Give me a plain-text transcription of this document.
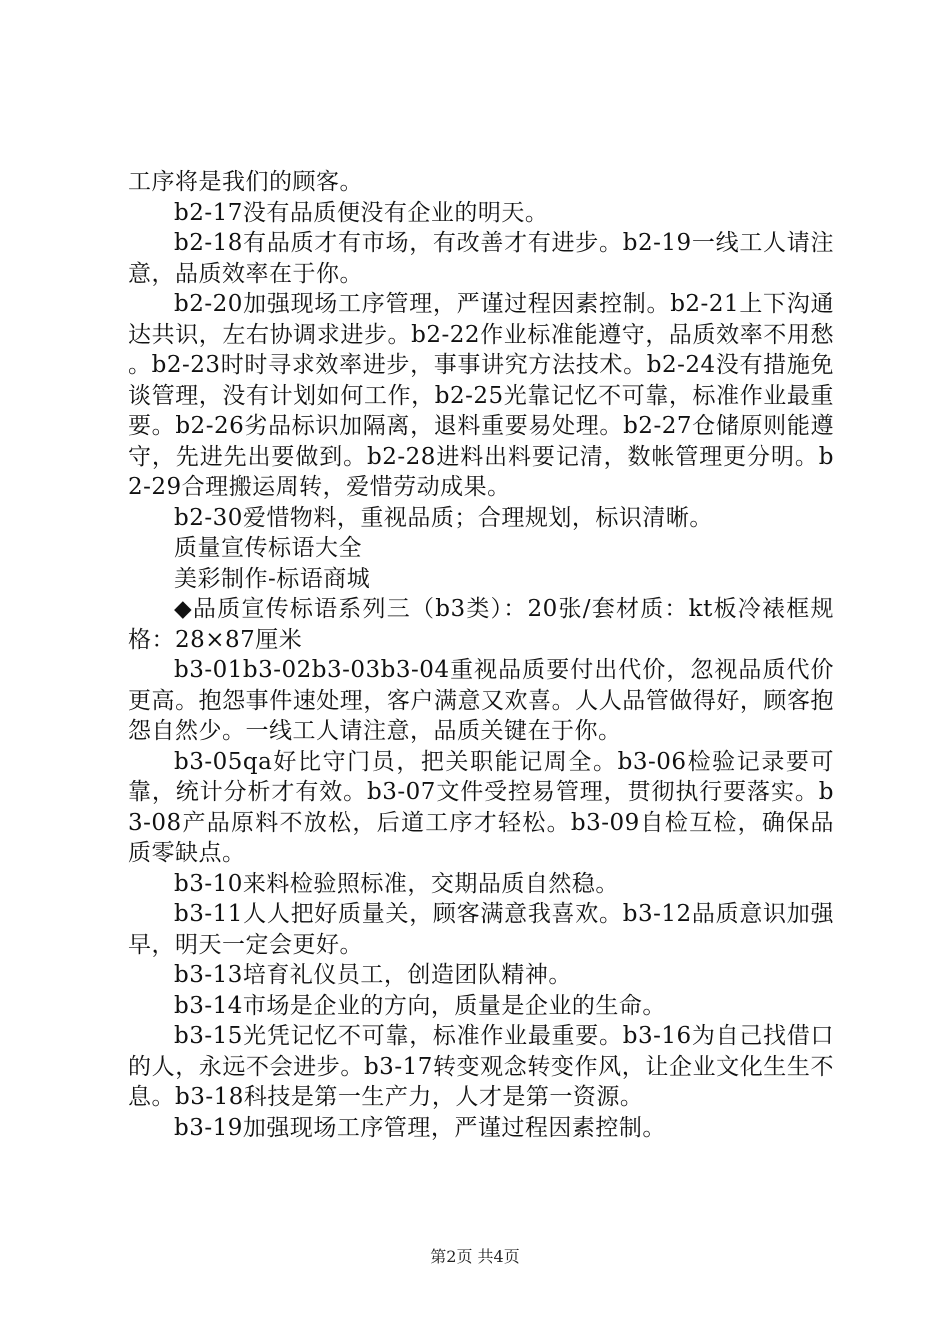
工序将是我们的顾客。

b2-17没有品质便没有企业的明天。

b2-18有品质才有市场，有改善才有进步。b2-19一线工人请注意，品质效率在于你。

b2-20加强现场工序管理，严谨过程因素控制。b2-21上下沟通达共识，左右协调求进步。b2-22作业标准能遵守，品质效率不用愁。b2-23时时寻求效率进步，事事讲究方法技术。b2-24没有措施免谈管理，没有计划如何工作，b2-25光靠记忆不可靠，标准作业最重要。b2-26劣品标识加隔离，退料重要易处理。b2-27仓储原则能遵守，先进先出要做到。b2-28进料出料要记清，数帐管理更分明。b2-29合理搬运周转，爱惜劳动成果。

b2-30爱惜物料，重视品质；合理规划，标识清晰。

质量宣传标语大全

美彩制作-标语商城

◆品质宣传标语系列三（b3类）：20张/套材质：kt板冷裱框规格：28×87厘米

b3-01b3-02b3-03b3-04重视品质要付出代价，忽视品质代价更高。抱怨事件速处理，客户满意又欢喜。人人品管做得好，顾客抱怨自然少。一线工人请注意，品质关键在于你。

b3-05qa好比守门员，把关职能记周全。b3-06检验记录要可靠，统计分析才有效。b3-07文件受控易管理，贯彻执行要落实。b3-08产品原料不放松，后道工序才轻松。b3-09自检互检，确保品质零缺点。

b3-10来料检验照标准，交期品质自然稳。

b3-11人人把好质量关，顾客满意我喜欢。b3-12品质意识加强早，明天一定会更好。

b3-13培育礼仪员工，创造团队精神。

b3-14市场是企业的方向，质量是企业的生命。

b3-15光凭记忆不可靠，标准作业最重要。b3-16为自己找借口的人，永远不会进步。b3-17转变观念转变作风，让企业文化生生不息。b3-18科技是第一生产力，人才是第一资源。

b3-19加强现场工序管理，严谨过程因素控制。

第2页 共4页
